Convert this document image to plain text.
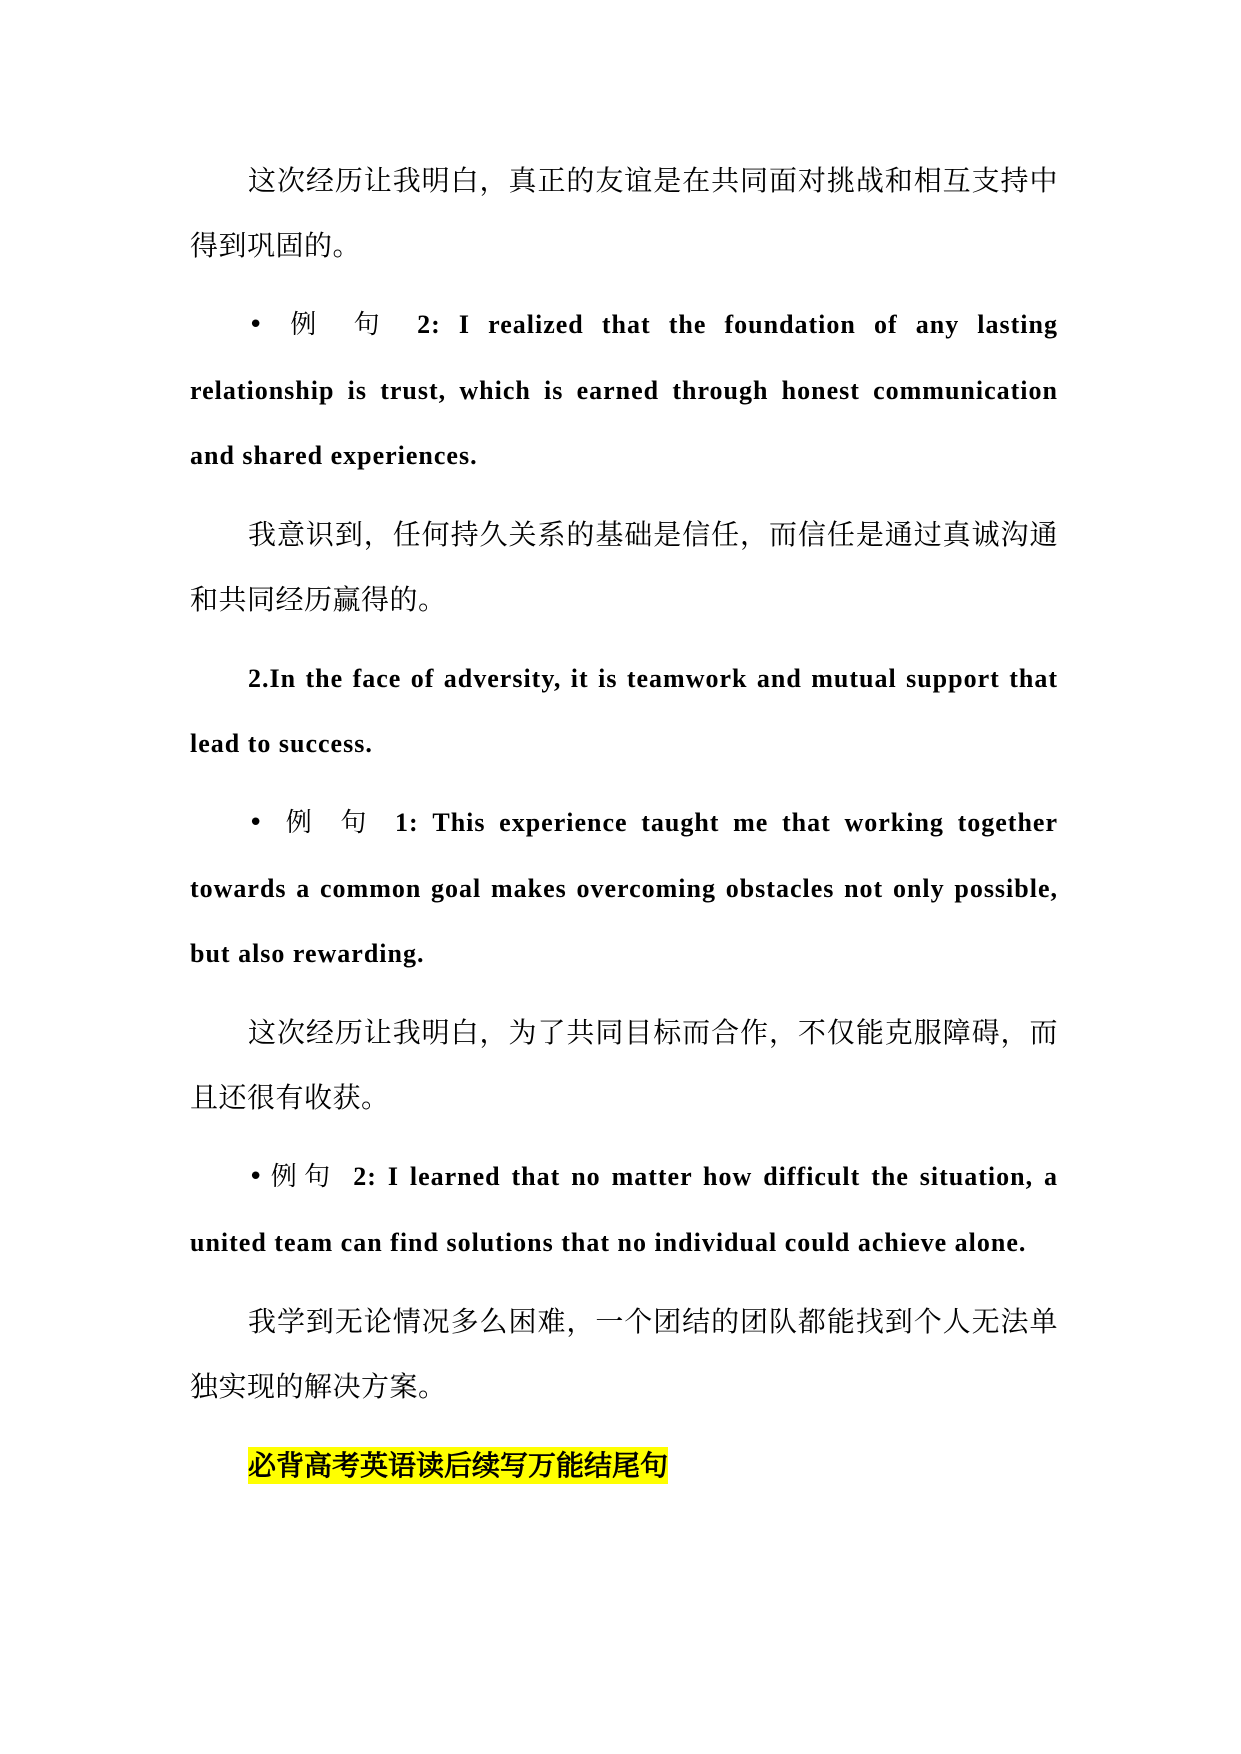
这次经历让我明白，真正的友谊是在共同面对挑战和相互支持中得到巩固的。

• 例 句 2: I realized that the foundation of any lasting relationship is trust, which is earned through honest communication and shared experiences.

我意识到，任何持久关系的基础是信任，而信任是通过真诚沟通和共同经历赢得的。

2.In the face of adversity, it is teamwork and mutual support that lead to success.

• 例 句 1: This experience taught me that working together towards a common goal makes overcoming obstacles not only possible, but also rewarding.

这次经历让我明白，为了共同目标而合作，不仅能克服障碍，而且还很有收获。

•例句 2: I learned that no matter how difficult the situation, a united team can find solutions that no individual could achieve alone.

我学到无论情况多么困难，一个团结的团队都能找到个人无法单独实现的解决方案。

必背高考英语读后续写万能结尾句
